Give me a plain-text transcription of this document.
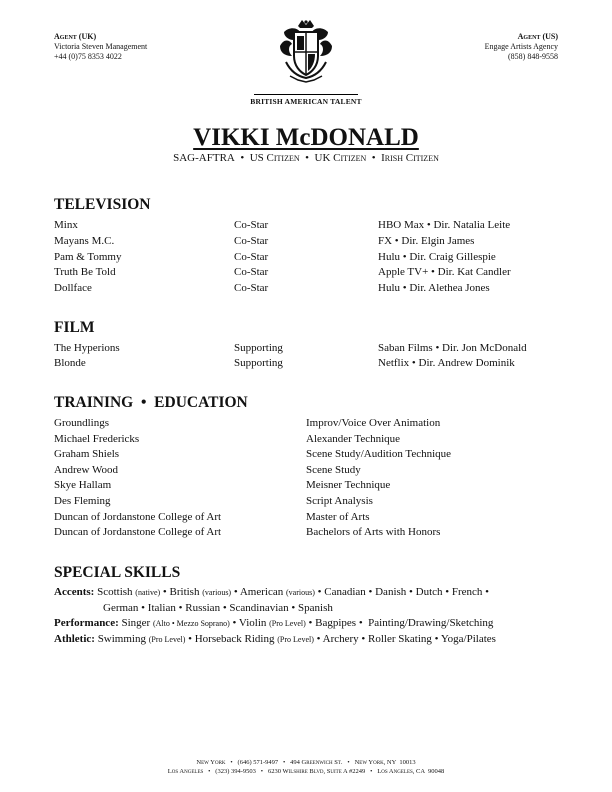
Agent (UK)
Victoria Steven Management
+44 (0)75 8353 4022
Agent (US)
Engage Artists Agency
(858) 848-9558
BRITISH AMERICAN TALENT
VIKKI McDONALD
SAG-AFTRA  •  US Citizen  •  UK Citizen  •  Irish Citizen
TELEVISION
Minx	Co-Star	HBO Max • Dir. Natalia Leite
Mayans M.C.	Co-Star	FX • Dir. Elgin James
Pam & Tommy	Co-Star	Hulu • Dir. Craig Gillespie
Truth Be Told	Co-Star	Apple TV+ • Dir. Kat Candler
Dollface	Co-Star	Hulu • Dir. Alethea Jones
FILM
The Hyperions	Supporting	Saban Films • Dir. Jon McDonald
Blonde	Supporting	Netflix • Dir. Andrew Dominik
TRAINING  •  EDUCATION
Groundlings	Improv/Voice Over Animation
Michael Fredericks	Alexander Technique
Graham Shiels	Scene Study/Audition Technique
Andrew Wood	Scene Study
Skye Hallam	Meisner Technique
Des Fleming	Script Analysis
Duncan of Jordanstone College of Art	Master of Arts
Duncan of Jordanstone College of Art	Bachelors of Arts with Honors
SPECIAL SKILLS
Accents: Scottish (native) • British (various) • American (various) • Canadian • Danish • Dutch • French •
German • Italian • Russian • Scandinavian • Spanish
Performance: Singer (Alto • Mezzo Soprano) • Violin (Pro Level) • Bagpipes •  Painting/Drawing/Sketching
Athletic: Swimming (Pro Level) • Horseback Riding (Pro Level) • Archery • Roller Skating • Yoga/Pilates
New York   •   (646) 571-9497   •   494 Greenwich St.   •   New York, NY  10013
Los Angeles   •   (323) 394-9503   •   6230 Wilshire Blvd, Suite A #2249   •   Los Angeles, CA  90048
